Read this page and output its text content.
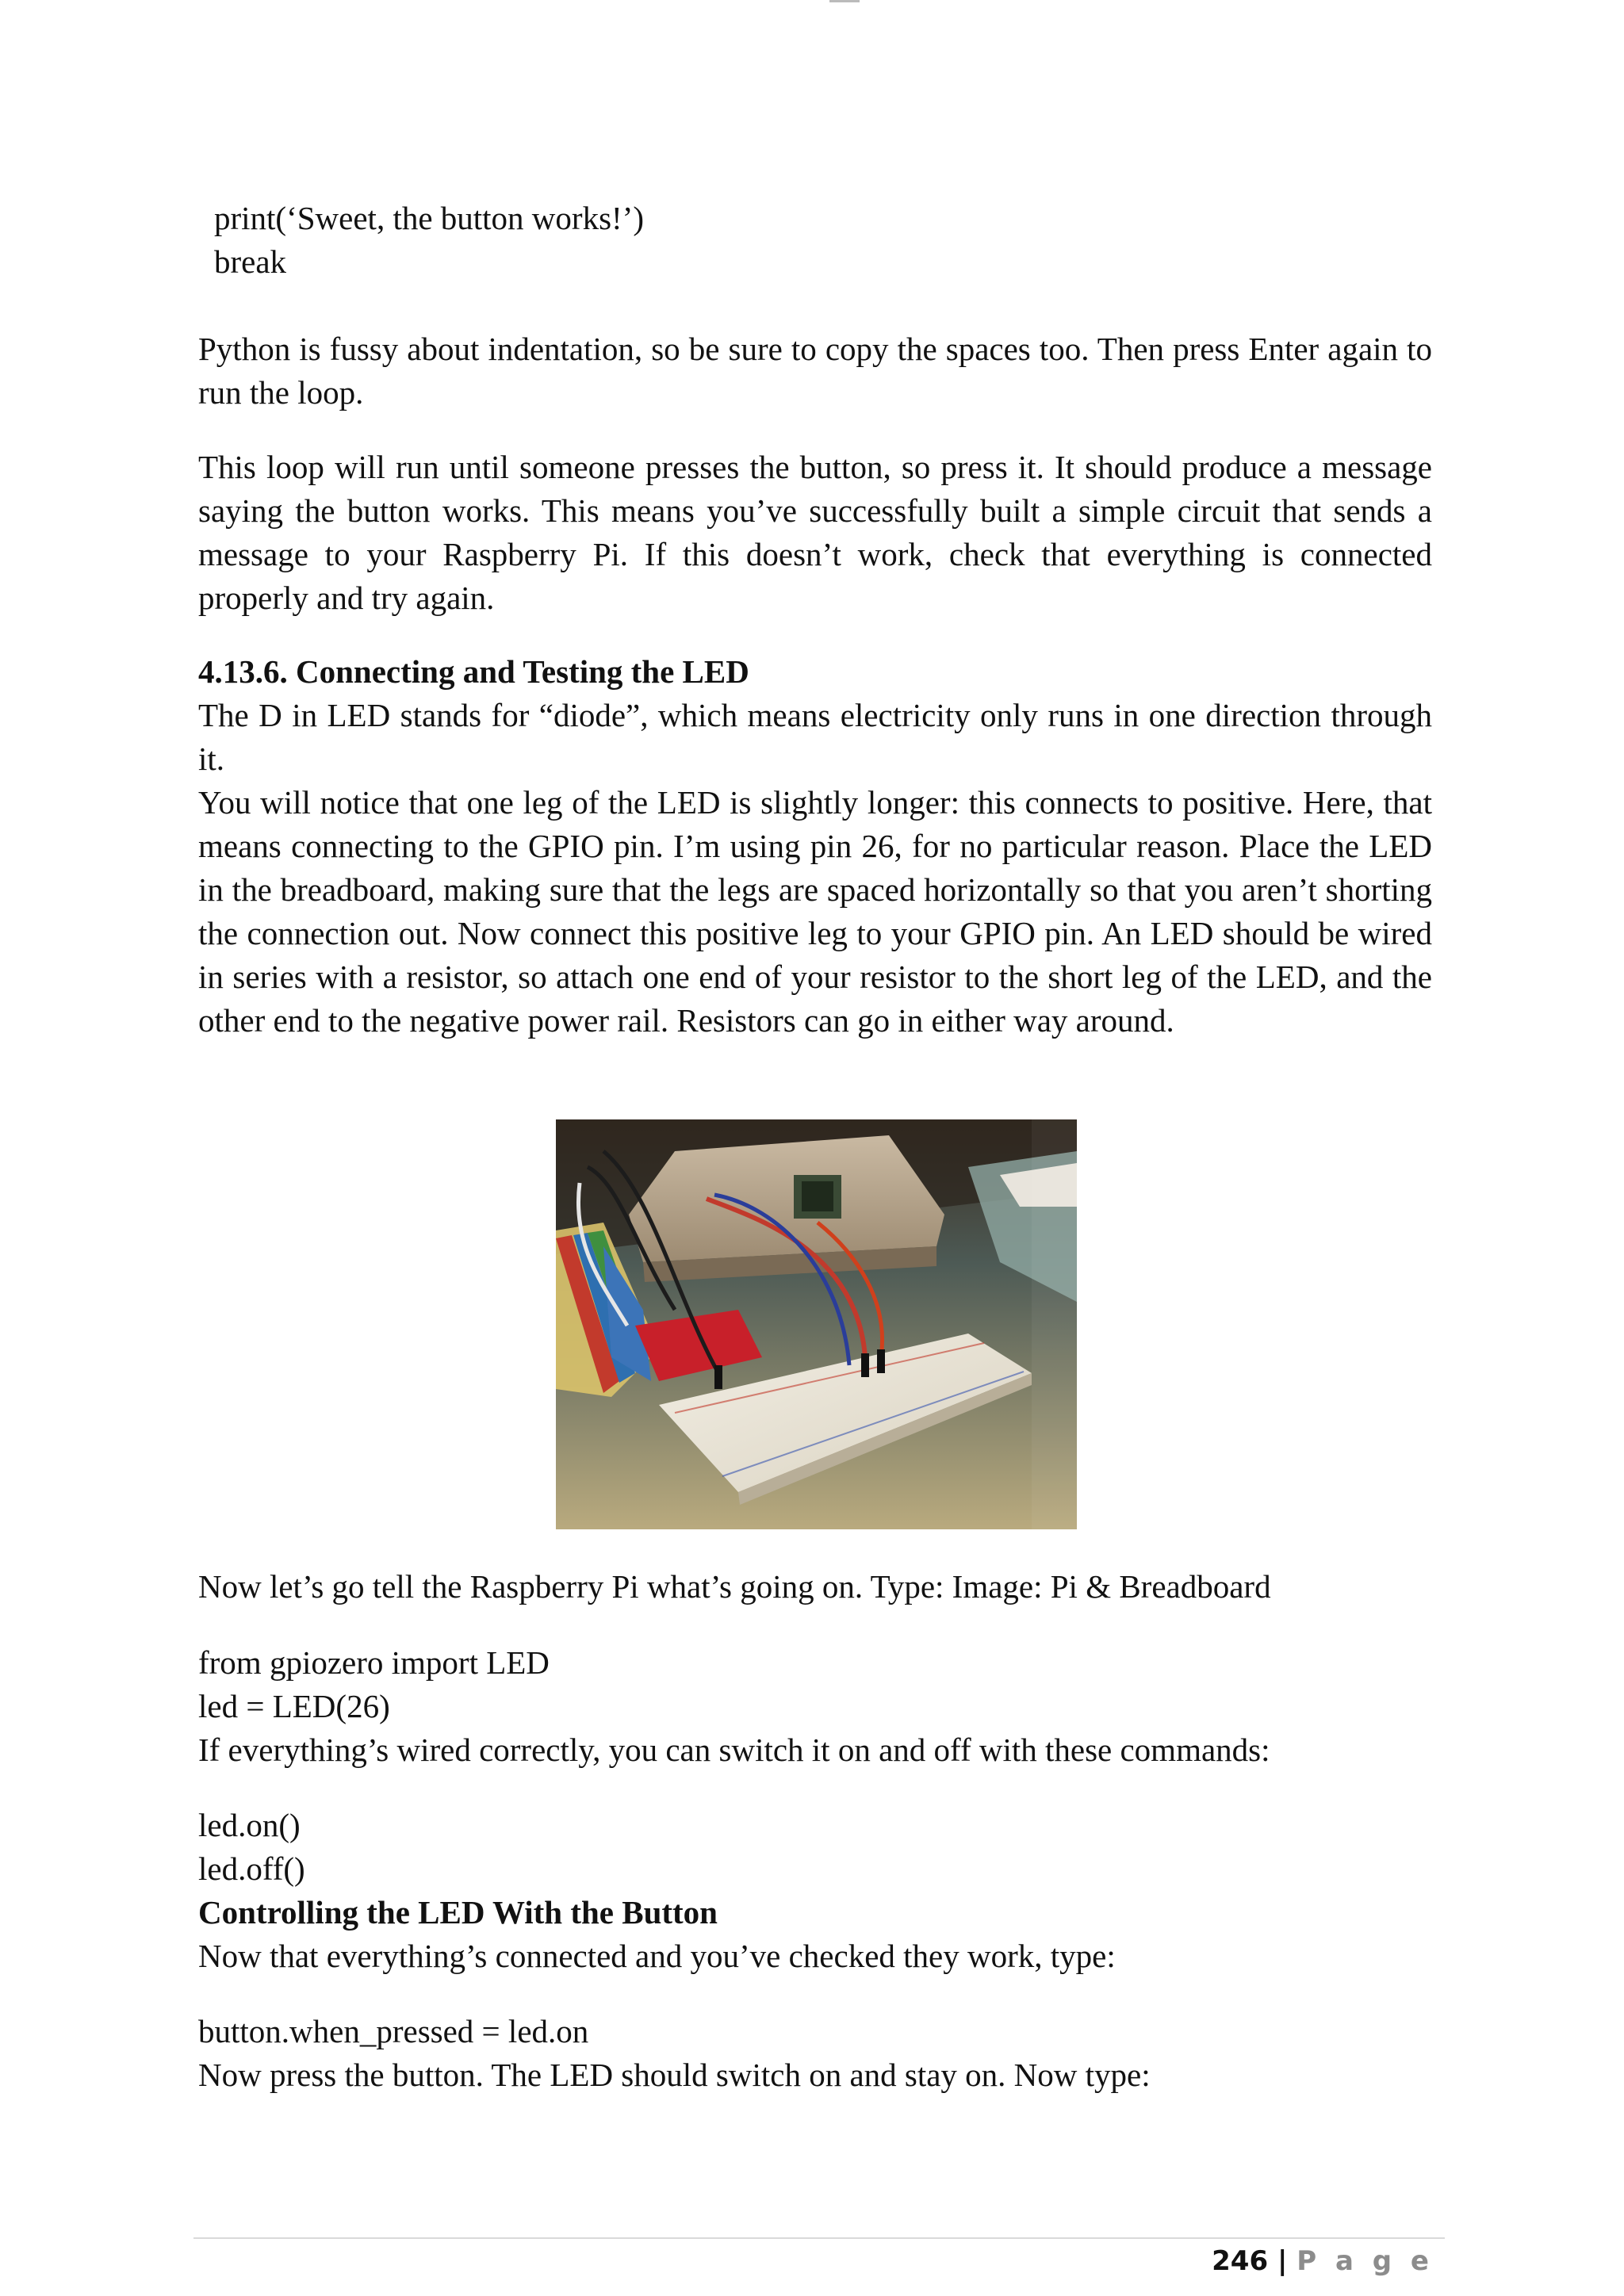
print(‘Sweet, the button works!’)
break

Python is fussy about indentation, so be sure to copy the spaces too. Then press Enter again to run the loop.

This loop will run until someone presses the button, so press it. It should produce a message saying the button works. This means you’ve successfully built a simple circuit that sends a message to your Raspberry Pi. If this doesn’t work, check that everything is connected properly and try again.

4.13.6. Connecting and Testing the LED

The D in LED stands for “diode”, which means electricity only runs in one direction through it.

You will notice that one leg of the LED is slightly longer: this connects to positive. Here, that means connecting to the GPIO pin. I’m using pin 26, for no particular reason. Place the LED in the breadboard, making sure that the legs are spaced horizontally so that you aren’t shorting the connection out. Now connect this positive leg to your GPIO pin. An LED should be wired in series with a resistor, so attach one end of your resistor to the short leg of the LED, and the other end to the negative power rail. Resistors can go in either way around.

Now let’s go tell the Raspberry Pi what’s going on. Type: Image: Pi & Breadboard

from gpiozero import LED
led = LED(26)

If everything’s wired correctly, you can switch it on and off with these commands:

led.on()
led.off()

Controlling the LED With the Button

Now that everything’s connected and you’ve checked they work, type:

button.when_pressed = led.on

Now press the button. The LED should switch on and stay on. Now type:

246 | P a g e
